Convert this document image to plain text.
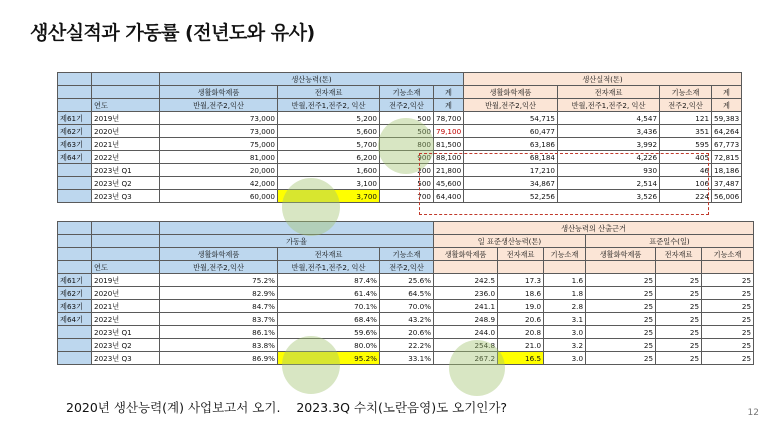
생산실적과 가동률 (전년도와 유사)
		생산능력(톤)				생산실적(톤)			
		생활화학제품	전자재료	기능소재	계	생활화학제품	전자재료	기능소재	계
	연도	반월,전주2,익산	반월,전주1,전주2, 익산	전주2,익산	계	반월,전주2,익산	반월,전주1,전주2, 익산	전주2,익산	계
제61기	2019년	73,000	5,200	500	78,700	54,715	4,547	121	59,383
제62기	2020년	73,000	5,600	500	79,100	60,477	3,436	351	64,264
제63기	2021년	75,000	5,700	800	81,500	63,186	3,992	595	67,773
제64기	2022년	81,000	6,200	900	88,100	68,184	4,226	405	72,815
	2023년 Q1	20,000	1,600	200	21,800	17,210	930	46	18,186
	2023년 Q2	42,000	3,100	500	45,600	34,867	2,514	106	37,487
	2023년 Q3	60,000	3,700	700	64,400	52,256	3,526	224	56,006
					생산능력의 산출근거					
		가동율			일 표준생산능력(톤)			표준일수(일)		
		생활화학제품	전자재료	기능소재	생활화학제품	전자재료	기능소재	생활화학제품	전자재료	기능소재
	연도	반월,전주2,익산	반월,전주1,전주2, 익산	전주2,익산						
제61기	2019년	75.2%	87.4%	25.6%	242.5	17.3	1.6	25	25	25
제62기	2020년	82.9%	61.4%	64.5%	236.0	18.6	1.8	25	25	25
제63기	2021년	84.7%	70.1%	70.0%	241.1	19.0	2.8	25	25	25
제64기	2022년	83.7%	68.4%	43.2%	248.9	20.6	3.1	25	25	25
	2023년 Q1	86.1%	59.6%	20.6%	244.0	20.8	3.0	25	25	25
	2023년 Q2	83.8%	80.0%	22.2%	254.8	21.0	3.2	25	25	25
	2023년 Q3	86.9%	95.2%	33.1%	267.2	16.5	3.0	25	25	25
2020년 생산능력(계) 사업보고서 오기.    2023.3Q 수치(노란음영)도 오기인가?	12
